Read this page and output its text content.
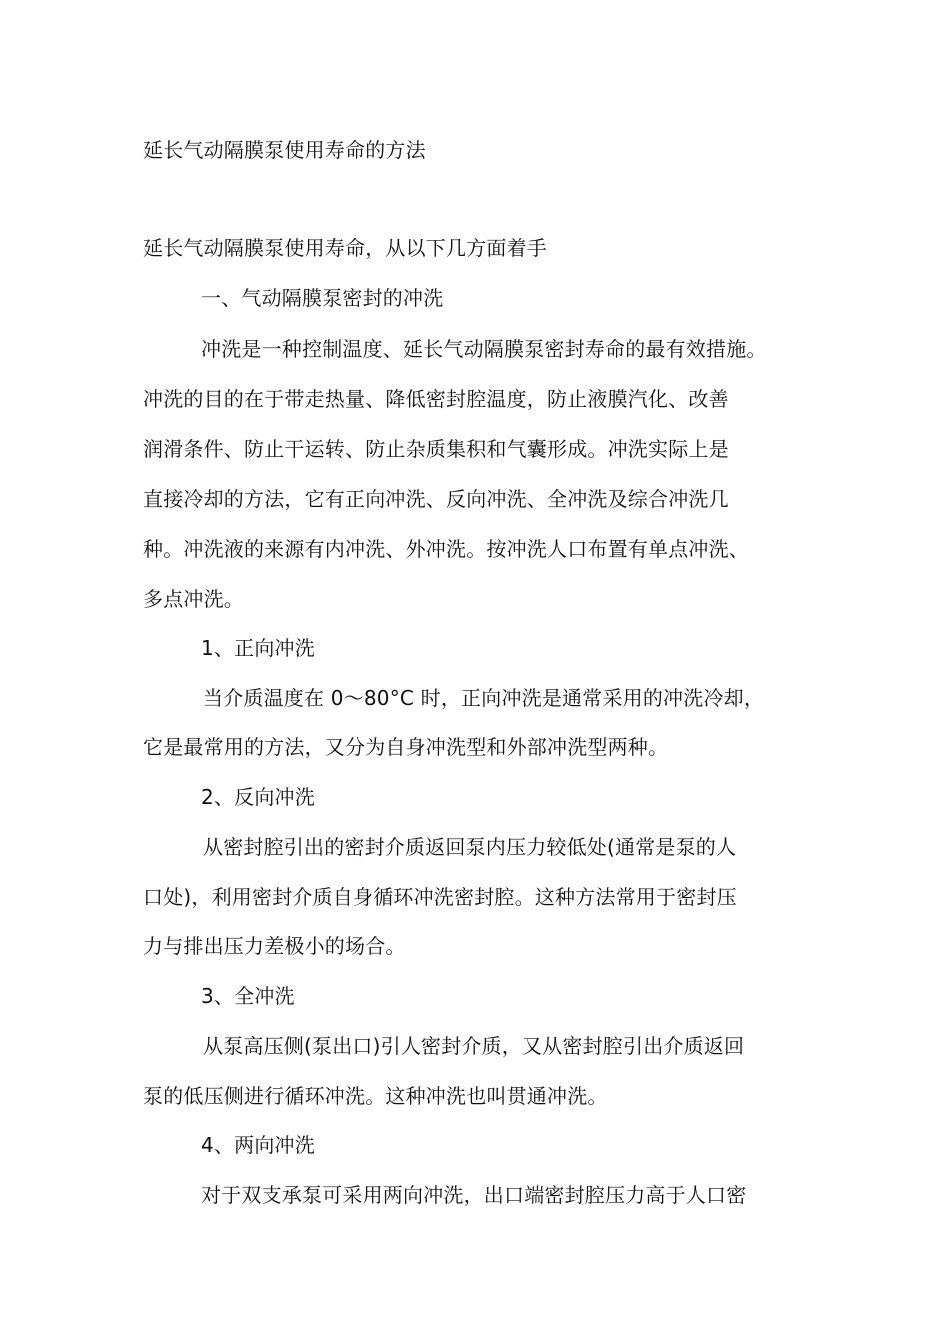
延长气动隔膜泵使用寿命的方法
延长气动隔膜泵使用寿命，从以下几方面着手
一、气动隔膜泵密封的冲洗
冲洗是一种控制温度、延长气动隔膜泵密封寿命的最有效措施。
冲洗的目的在于带走热量、降低密封腔温度，防止液膜汽化、改善
润滑条件、防止干运转、防止杂质集积和气囊形成。冲洗实际上是
直接冷却的方法，它有正向冲洗、反向冲洗、全冲洗及综合冲洗几
种。冲洗液的来源有内冲洗、外冲洗。按冲洗人口布置有单点冲洗、
多点冲洗。
1、正向冲洗
当介质温度在 0～80°C 时，正向冲洗是通常采用的冲洗冷却，
它是最常用的方法，又分为自身冲洗型和外部冲洗型两种。
2、反向冲洗
从密封腔引出的密封介质返回泵内压力较低处(通常是泵的人
口处)，利用密封介质自身循环冲洗密封腔。这种方法常用于密封压
力与排出压力差极小的场合。
3、全冲洗
从泵高压侧(泵出口)引人密封介质，又从密封腔引出介质返回
泵的低压侧进行循环冲洗。这种冲洗也叫贯通冲洗。
4、两向冲洗
对于双支承泵可采用两向冲洗，出口端密封腔压力高于人口密
